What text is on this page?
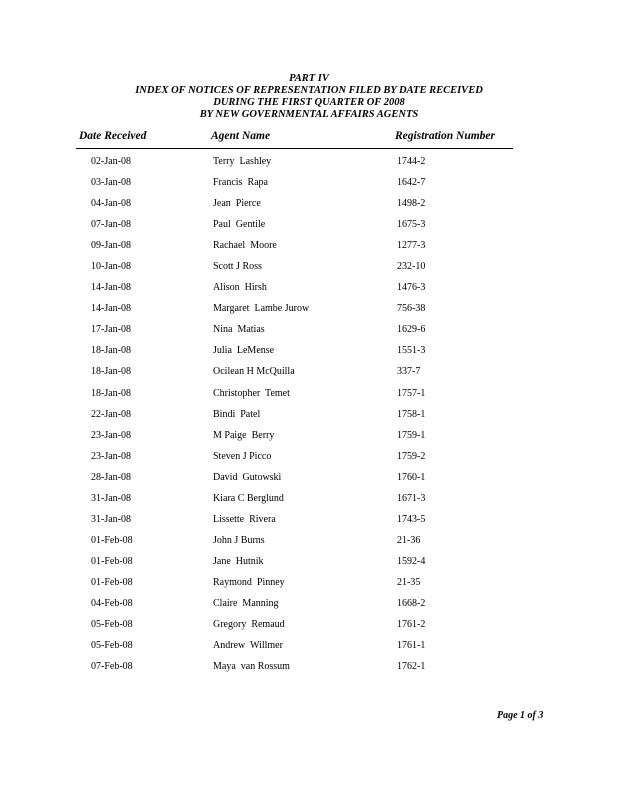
PART IV
INDEX OF NOTICES OF REPRESENTATION FILED BY DATE RECEIVED
DURING THE FIRST QUARTER OF 2008
BY NEW GOVERNMENTAL AFFAIRS AGENTS
Date Received	Agent Name	Registration Number
02-Jan-08	Terry  Lashley	1744-2
03-Jan-08	Francis  Rapa	1642-7
04-Jan-08	Jean  Pierce	1498-2
07-Jan-08	Paul  Gentile	1675-3
09-Jan-08	Rachael  Moore	1277-3
10-Jan-08	Scott J Ross	232-10
14-Jan-08	Alison  Hirsh	1476-3
14-Jan-08	Margaret  Lambe Jurow	756-38
17-Jan-08	Nina  Matias	1629-6
18-Jan-08	Julia  LeMense	1551-3
18-Jan-08	Ocilean H McQuilla	337-7
18-Jan-08	Christopher  Temet	1757-1
22-Jan-08	Bindi  Patel	1758-1
23-Jan-08	M Paige  Berry	1759-1
23-Jan-08	Steven J Picco	1759-2
28-Jan-08	David  Gutowski	1760-1
31-Jan-08	Kiara C Berglund	1671-3
31-Jan-08	Lissette  Rivera	1743-5
01-Feb-08	John J Burns	21-36
01-Feb-08	Jane  Hutnik	1592-4
01-Feb-08	Raymond  Pinney	21-35
04-Feb-08	Claire  Manning	1668-2
05-Feb-08	Gregory  Remaud	1761-2
05-Feb-08	Andrew  Willmer	1761-1
07-Feb-08	Maya  van Rossum	1762-1
Page 1 of 3
